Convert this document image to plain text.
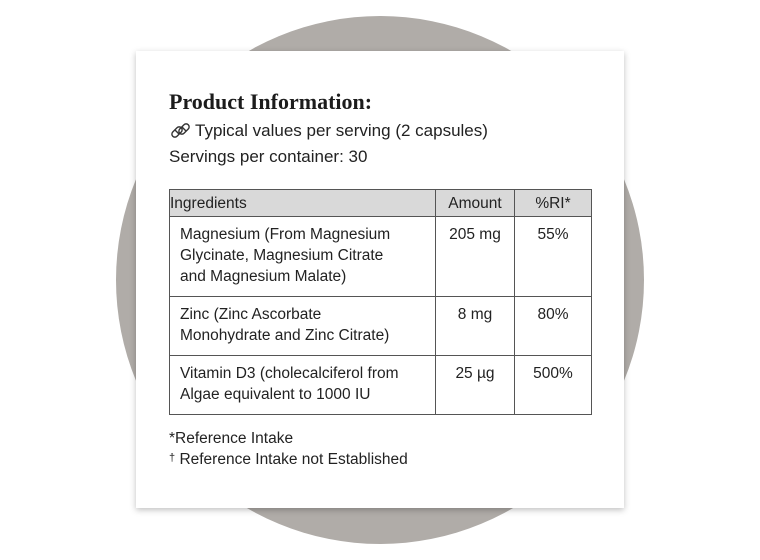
Product Information:
Typical values per serving (2 capsules)
Servings per container: 30
Ingredients	Amount	%RI*

Magnesium (From Magnesium
Glycinate, Magnesium Citrate
and Magnesium Malate)	205 mg	55%

Zinc (Zinc Ascorbate
Monohydrate and Zinc Citrate)	8 mg	80%

Vitamin D3 (cholecalciferol from
Algae equivalent to 1000 IU	25 µg	500%
*Reference Intake
† Reference Intake not Established
